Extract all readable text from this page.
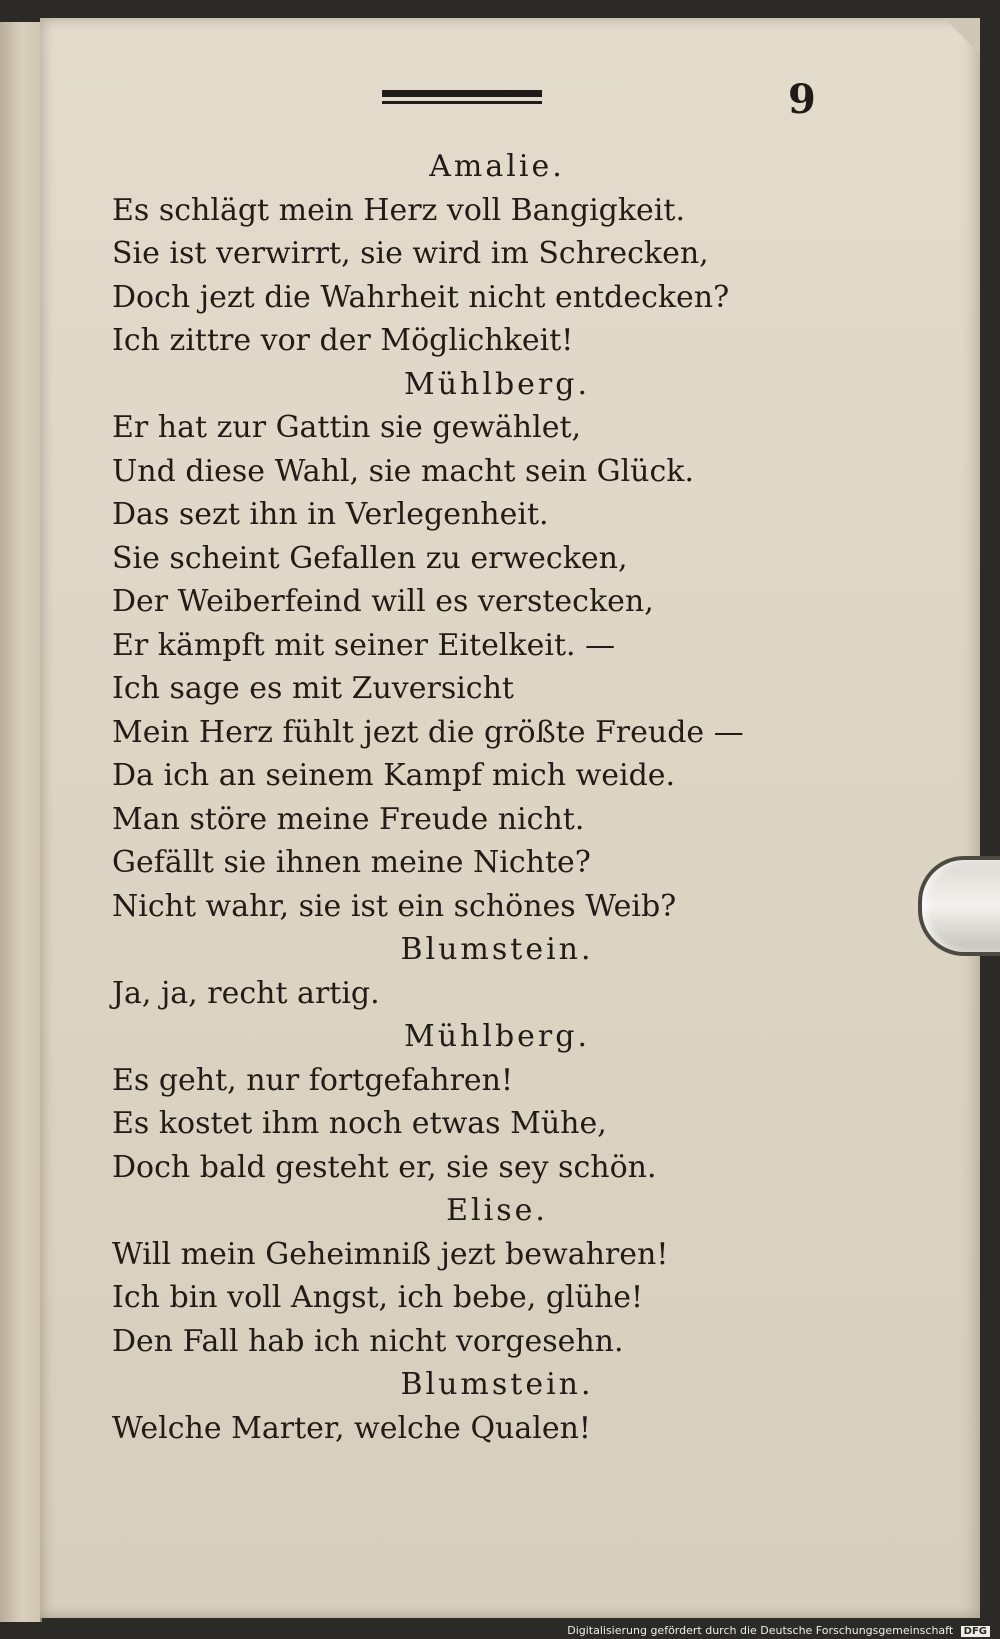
9
Amalie.
Es schlägt mein Herz voll Bangigkeit.
Sie ist verwirrt, sie wird im Schrecken,
Doch jezt die Wahrheit nicht entdecken?
Ich zittre vor der Möglichkeit!
Mühlberg.
Er hat zur Gattin sie gewählet,
Und diese Wahl, sie macht sein Glück.
Das sezt ihn in Verlegenheit.
Sie scheint Gefallen zu erwecken,
Der Weiberfeind will es verstecken,
Er kämpft mit seiner Eitelkeit. —
Ich sage es mit Zuversicht
Mein Herz fühlt jezt die größte Freude —
Da ich an seinem Kampf mich weide.
Man störe meine Freude nicht.
Gefällt sie ihnen meine Nichte?
Nicht wahr, sie ist ein schönes Weib?
Blumstein.
Ja, ja, recht artig.
Mühlberg.
Es geht, nur fortgefahren!
Es kostet ihm noch etwas Mühe,
Doch bald gesteht er, sie sey schön.
Elise.
Will mein Geheimniß jezt bewahren!
Ich bin voll Angst, ich bebe, glühe!
Den Fall hab ich nicht vorgesehn.
Blumstein.
Welche Marter, welche Qualen!
Digitalisierung gefördert durch die Deutsche Forschungsgemeinschaft DFG
